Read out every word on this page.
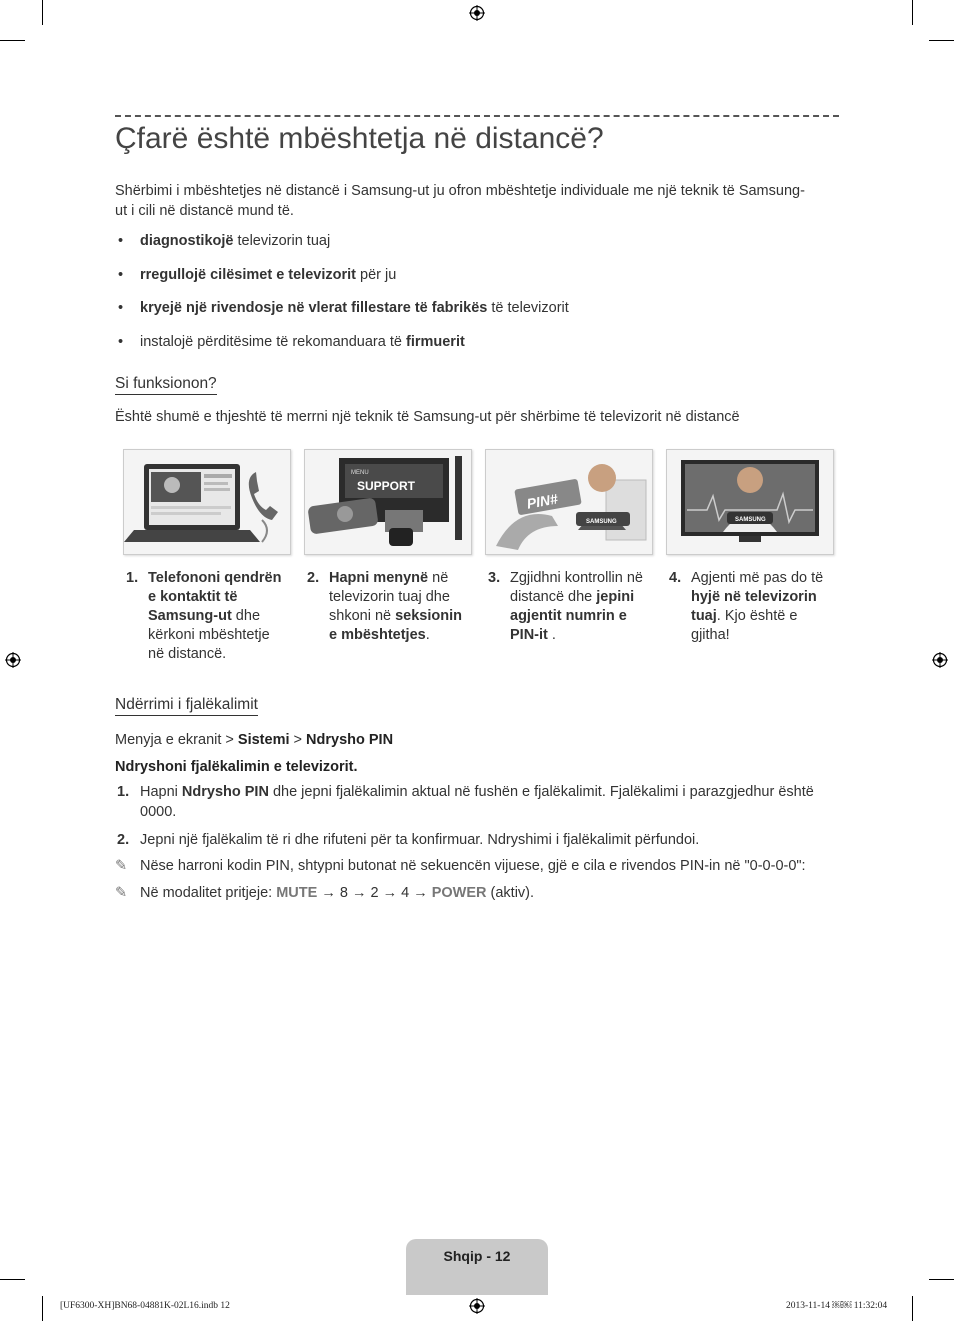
Çfarë është mbështetja në distancë?
Shërbimi i mbështetjes në distancë i Samsung-ut ju ofron mbështetje individuale me një teknik të Samsung-ut i cili në distancë mund të.
• diagnostikojë televizorin tuaj
• rregullojë cilësimet e televizorit për ju
• kryejë një rivendosje në vlerat fillestare të fabrikës të televizorit
• instalojë përditësime të rekomanduara të firmuerit
Si funksionon?
Është shumë e thjeshtë të merrni një teknik të Samsung-ut për shërbime të televizorit në distancë
MENU
SUPPORT
PIN#
SAMSUNG	SAMSUNG
1. Telefononi qendrën e kontaktit të Samsung-ut dhe kërkoni mbështetje në distancë.
2. Hapni menynë në televizorin tuaj dhe shkoni në seksionin e mbështetjes.
3. Zgjidhni kontrollin në distancë dhe jepini agjentit numrin e PIN-it .
4. Agjenti më pas do të hyjë në televizorin tuaj. Kjo është e gjitha!
Ndërrimi i fjalëkalimit
Menyja e ekranit > Sistemi > Ndrysho PIN
Ndryshoni fjalëkalimin e televizorit.
1. Hapni Ndrysho PIN dhe jepni fjalëkalimin aktual në fushën e fjalëkalimit. Fjalëkalimi i parazgjedhur është 0000.
2. Jepni një fjalëkalim të ri dhe rifuteni për ta konfirmuar. Ndryshimi i fjalëkalimit përfundoi.
✎ Nëse harroni kodin PIN, shtypni butonat në sekuencën vijuese, gjë e cila e rivendos PIN-in në "0-0-0-0":
✎ Në modalitet pritjeje: MUTE → 8 → 2 → 4 → POWER (aktiv).
Shqip - 12
[UF6300-XH]BN68-04881K-02L16.indb 12	2013-11-14 ￼￼ 11:32:04
